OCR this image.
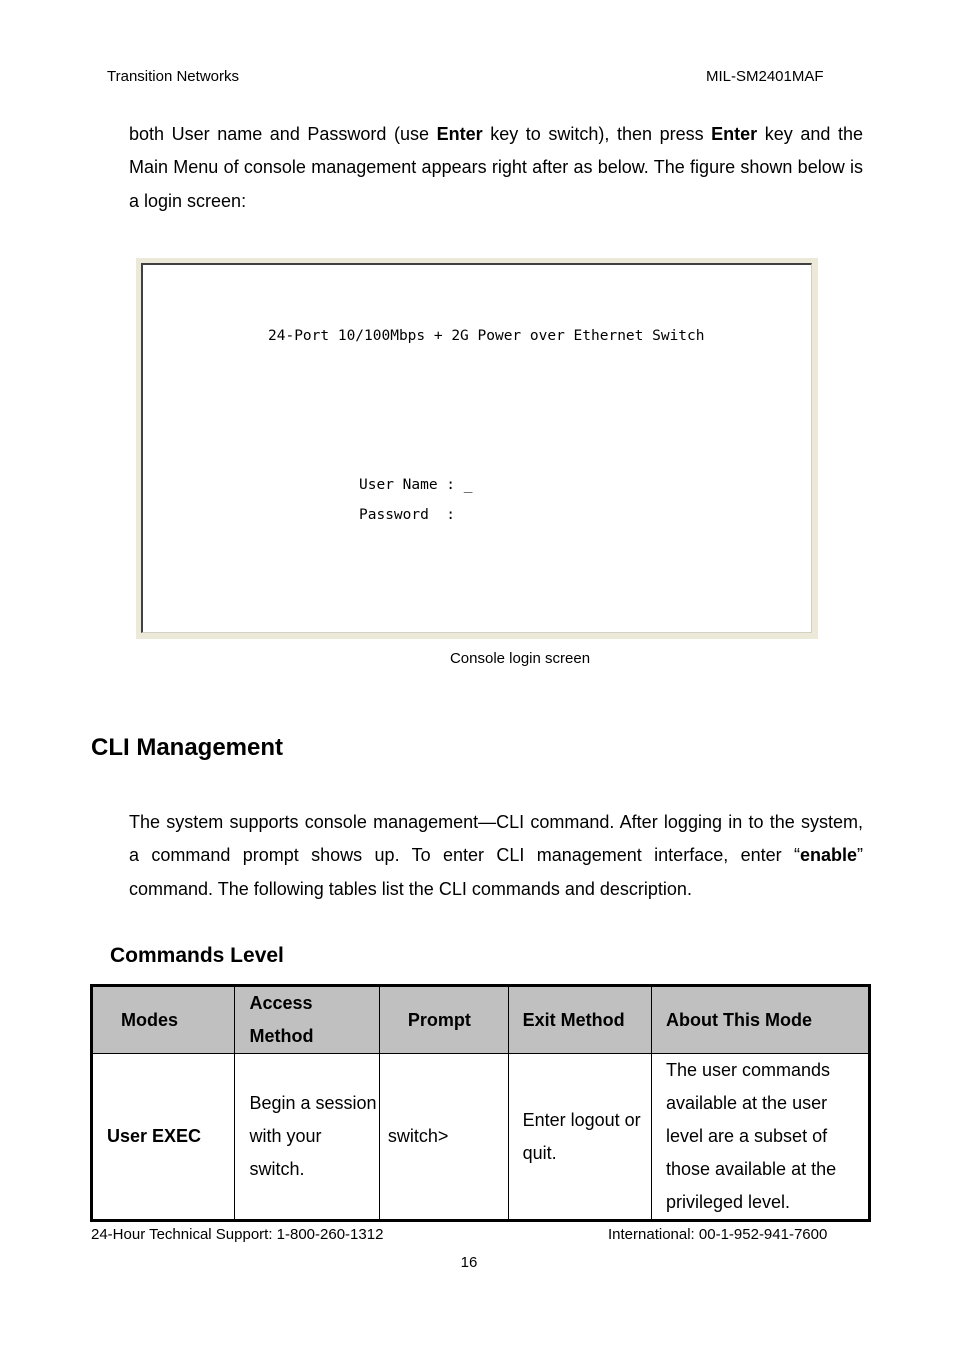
Transition Networks	MIL-SM2401MAF
both User name and Password (use Enter key to switch), then press Enter key and the Main Menu of console management appears right after as below. The figure shown below is a login screen:
24-Port 10/100Mbps + 2G Power over Ethernet Switch
User Name : _
Password  :
Console login screen
CLI Management
The system supports console management—CLI command. After logging in to the system, a command prompt shows up. To enter CLI management interface, enter “enable” command. The following tables list the CLI commands and description.
Commands Level
Modes	Access Method	Prompt	Exit Method	About This Mode
User EXEC	Begin a session with your switch.	switch>	Enter logout or quit.	The user commands available at the user level are a subset of those available at the privileged level.
24-Hour Technical Support: 1-800-260-1312	International: 00-1-952-941-7600
16
